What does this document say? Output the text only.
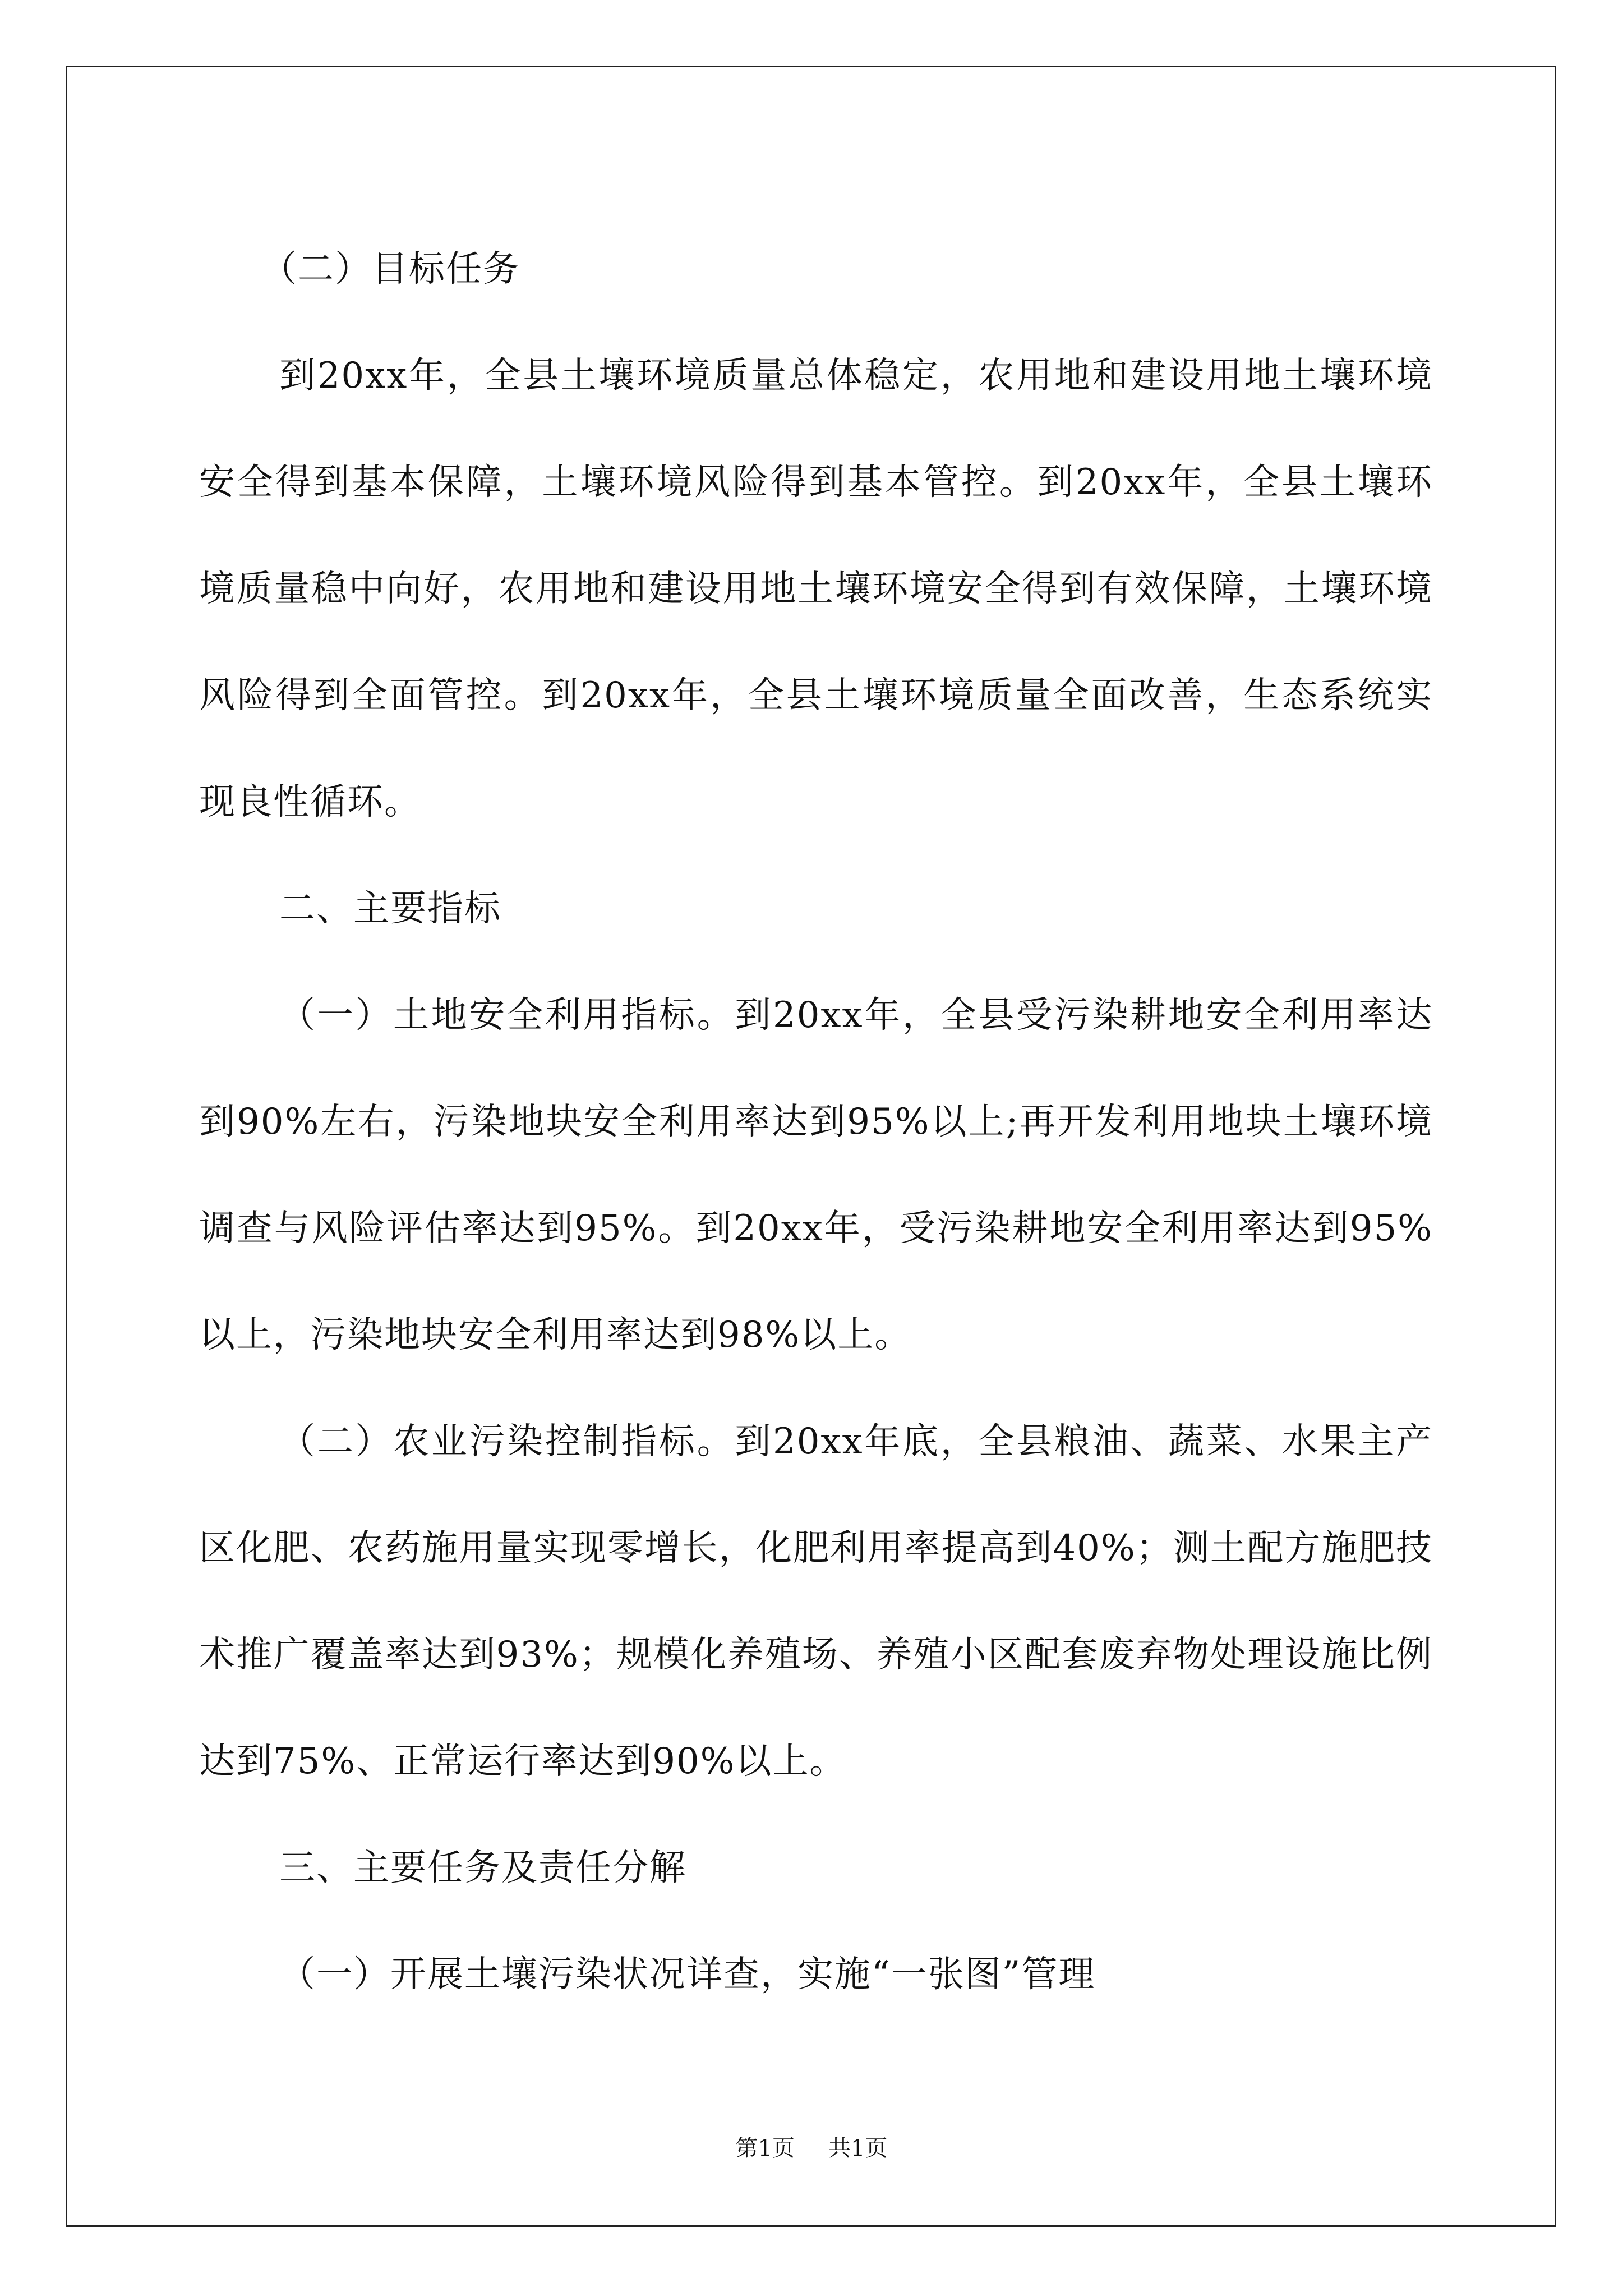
（二）目标任务

到20xx年，全县土壤环境质量总体稳定，农用地和建设用地土壤环境安全得到基本保障，土壤环境风险得到基本管控。到20xx年，全县土壤环境质量稳中向好，农用地和建设用地土壤环境安全得到有效保障，土壤环境风险得到全面管控。到20xx年，全县土壤环境质量全面改善，生态系统实现良性循环。

二、主要指标

（一）土地安全利用指标。到20xx年，全县受污染耕地安全利用率达到90%左右，污染地块安全利用率达到95%以上;再开发利用地块土壤环境调查与风险评估率达到95%。到20xx年，受污染耕地安全利用率达到95%以上，污染地块安全利用率达到98%以上。

（二）农业污染控制指标。到20xx年底，全县粮油、蔬菜、水果主产区化肥、农药施用量实现零增长，化肥利用率提高到40%；测土配方施肥技术推广覆盖率达到93%；规模化养殖场、养殖小区配套废弃物处理设施比例达到75%、正常运行率达到90%以上。

三、主要任务及责任分解

（一）开展土壤污染状况详查，实施“一张图”管理

第1页 共1页
